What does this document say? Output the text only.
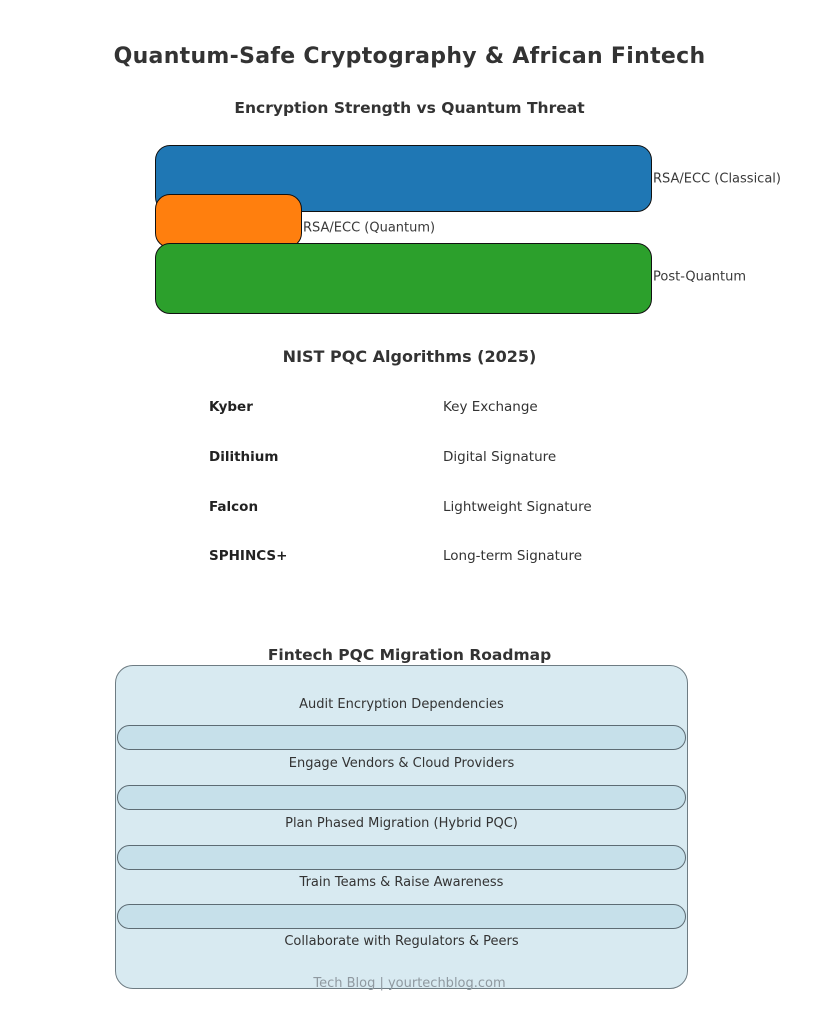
Quantum-Safe Cryptography & African Fintech
Encryption Strength vs Quantum Threat
RSA/ECC (Classical)
RSA/ECC (Quantum)
Post-Quantum
NIST PQC Algorithms (2025)
Kyber	Key Exchange
Dilithium	Digital Signature
Falcon	Lightweight Signature
SPHINCS+	Long-term Signature
Fintech PQC Migration Roadmap
Audit Encryption Dependencies
Engage Vendors & Cloud Providers
Plan Phased Migration (Hybrid PQC)
Train Teams & Raise Awareness
Collaborate with Regulators & Peers
Tech Blog | yourtechblog.com
